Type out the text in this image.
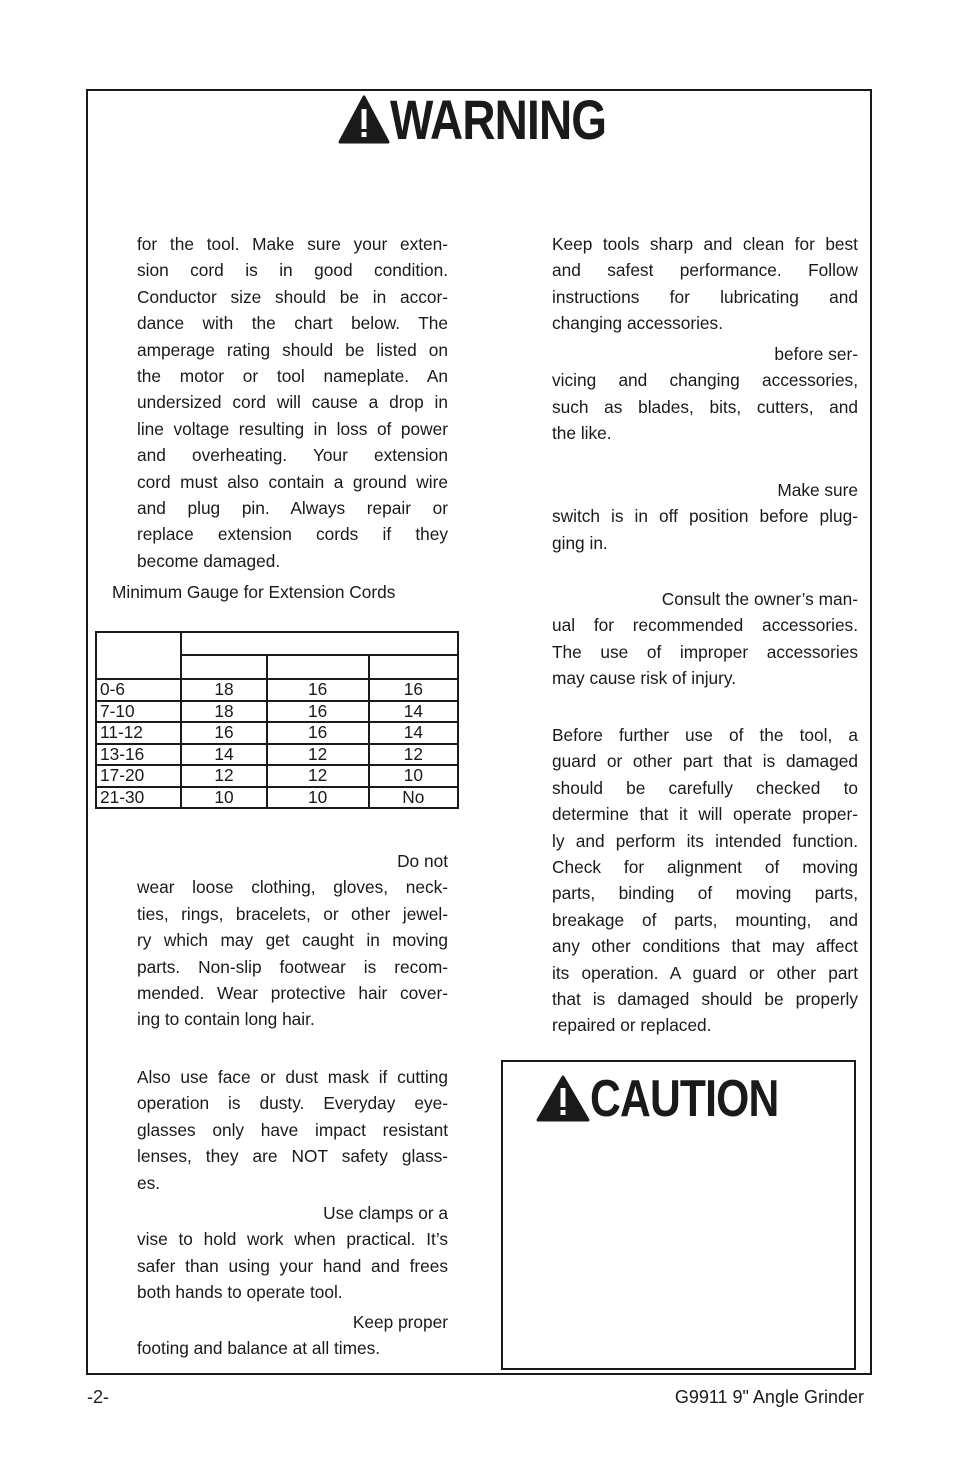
WARNING
for the tool. Make sure your exten-
sion cord is in good condition.
Conductor size should be in accor-
dance with the chart below. The
amperage rating should be listed on
the motor or tool nameplate. An
undersized cord will cause a drop in
line voltage resulting in loss of power
and overheating. Your extension
cord must also contain a ground wire
and plug pin. Always repair or
replace extension cords if they
become damaged.
Minimum Gauge for Extension Cords

0-6	18	16	16
7-10	18	16	14
11-12	16	16	14
13-16	14	12	12
17-20	12	12	10
21-30	10	10	No
Do not
wear loose clothing, gloves, neck-
ties, rings, bracelets, or other jewel-
ry which may get caught in moving
parts. Non-slip footwear is recom-
mended. Wear protective hair cover-
ing to contain long hair.
Also use face or dust mask if cutting
operation is dusty. Everyday eye-
glasses only have impact resistant
lenses, they are NOT safety glass-
es.
Use clamps or a
vise to hold work when practical. It’s
safer than using your hand and frees
both hands to operate tool.
Keep proper
footing and balance at all times.
Keep tools sharp and clean for best
and safest performance. Follow
instructions for lubricating and
changing accessories.
before ser-
vicing and changing accessories,
such as blades, bits, cutters, and
the like.
Make sure
switch is in off position before plug-
ging in.
Consult the owner’s man-
ual for recommended accessories.
The use of improper accessories
may cause risk of injury.
Before further use of the tool, a
guard or other part that is damaged
should be carefully checked to
determine that it will operate proper-
ly and perform its intended function.
Check for alignment of moving
parts, binding of moving parts,
breakage of parts, mounting, and
any other conditions that may affect
its operation. A guard or other part
that is damaged should be properly
repaired or replaced.
CAUTION
-2-	G9911 9" Angle Grinder
